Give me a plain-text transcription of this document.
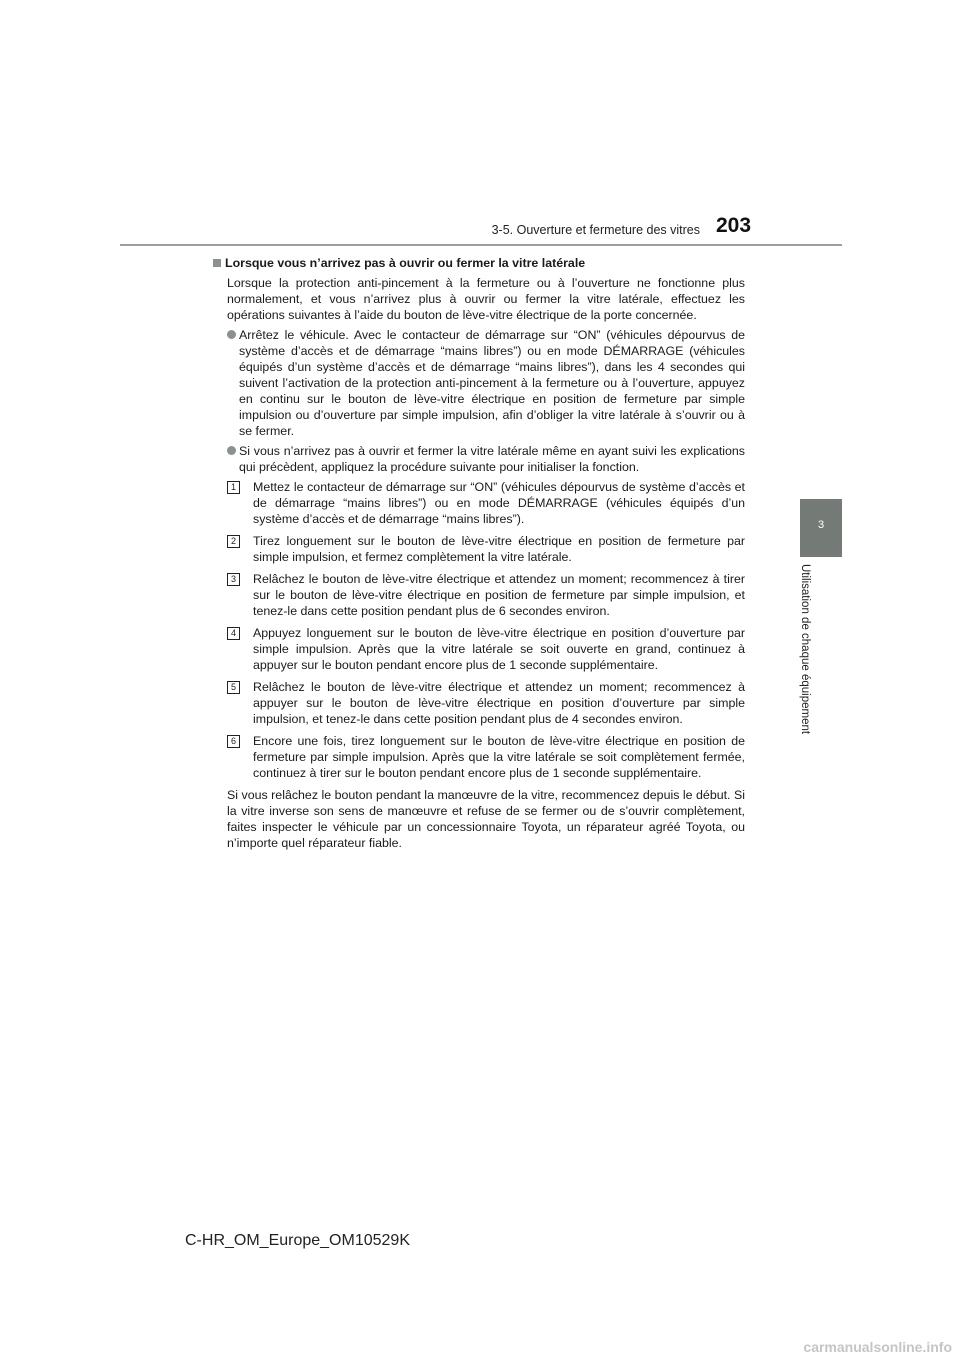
3-5. Ouverture et fermeture des vitres 203
3
Utilisation de chaque équipement
Lorsque vous n’arrivez pas à ouvrir ou fermer la vitre latérale
Lorsque la protection anti-pincement à la fermeture ou à l’ouverture ne fonctionne plus normalement, et vous n’arrivez plus à ouvrir ou fermer la vitre latérale, effectuez les opérations suivantes à l’aide du bouton de lève-vitre électrique de la porte concernée.
Arrêtez le véhicule. Avec le contacteur de démarrage sur “ON” (véhicules dépourvus de système d’accès et de démarrage “mains libres”) ou en mode DÉMARRAGE (véhicules équipés d’un système d’accès et de démarrage “mains libres”), dans les 4 secondes qui suivent l’activation de la protection anti-pincement à la fermeture ou à l’ouverture, appuyez en continu sur le bouton de lève-vitre électrique en position de fermeture par simple impulsion ou d’ouverture par simple impulsion, afin d’obliger la vitre latérale à s’ouvrir ou à se fermer.
Si vous n’arrivez pas à ouvrir et fermer la vitre latérale même en ayant suivi les explications qui précèdent, appliquez la procédure suivante pour initialiser la fonction.
1	Mettez le contacteur de démarrage sur “ON” (véhicules dépourvus de système d’accès et de démarrage “mains libres”) ou en mode DÉMARRAGE (véhicules équipés d’un système d’accès et de démarrage “mains libres”).
2	Tirez longuement sur le bouton de lève-vitre électrique en position de fermeture par simple impulsion, et fermez complètement la vitre latérale.
3	Relâchez le bouton de lève-vitre électrique et attendez un moment; recommencez à tirer sur le bouton de lève-vitre électrique en position de fermeture par simple impulsion, et tenez-le dans cette position pendant plus de 6 secondes environ.
4	Appuyez longuement sur le bouton de lève-vitre électrique en position d’ouverture par simple impulsion. Après que la vitre latérale se soit ouverte en grand, continuez à appuyer sur le bouton pendant encore plus de 1 seconde supplémentaire.
5	Relâchez le bouton de lève-vitre électrique et attendez un moment; recommencez à appuyer sur le bouton de lève-vitre électrique en position d’ouverture par simple impulsion, et tenez-le dans cette position pendant plus de 4 secondes environ.
6	Encore une fois, tirez longuement sur le bouton de lève-vitre électrique en position de fermeture par simple impulsion. Après que la vitre latérale se soit complètement fermée, continuez à tirer sur le bouton pendant encore plus de 1 seconde supplémentaire.
Si vous relâchez le bouton pendant la manœuvre de la vitre, recommencez depuis le début. Si la vitre inverse son sens de manœuvre et refuse de se fermer ou de s’ouvrir complètement, faites inspecter le véhicule par un concessionnaire Toyota, un réparateur agréé Toyota, ou n’importe quel réparateur fiable.
C-HR_OM_Europe_OM10529K
carmanualsonline.info
